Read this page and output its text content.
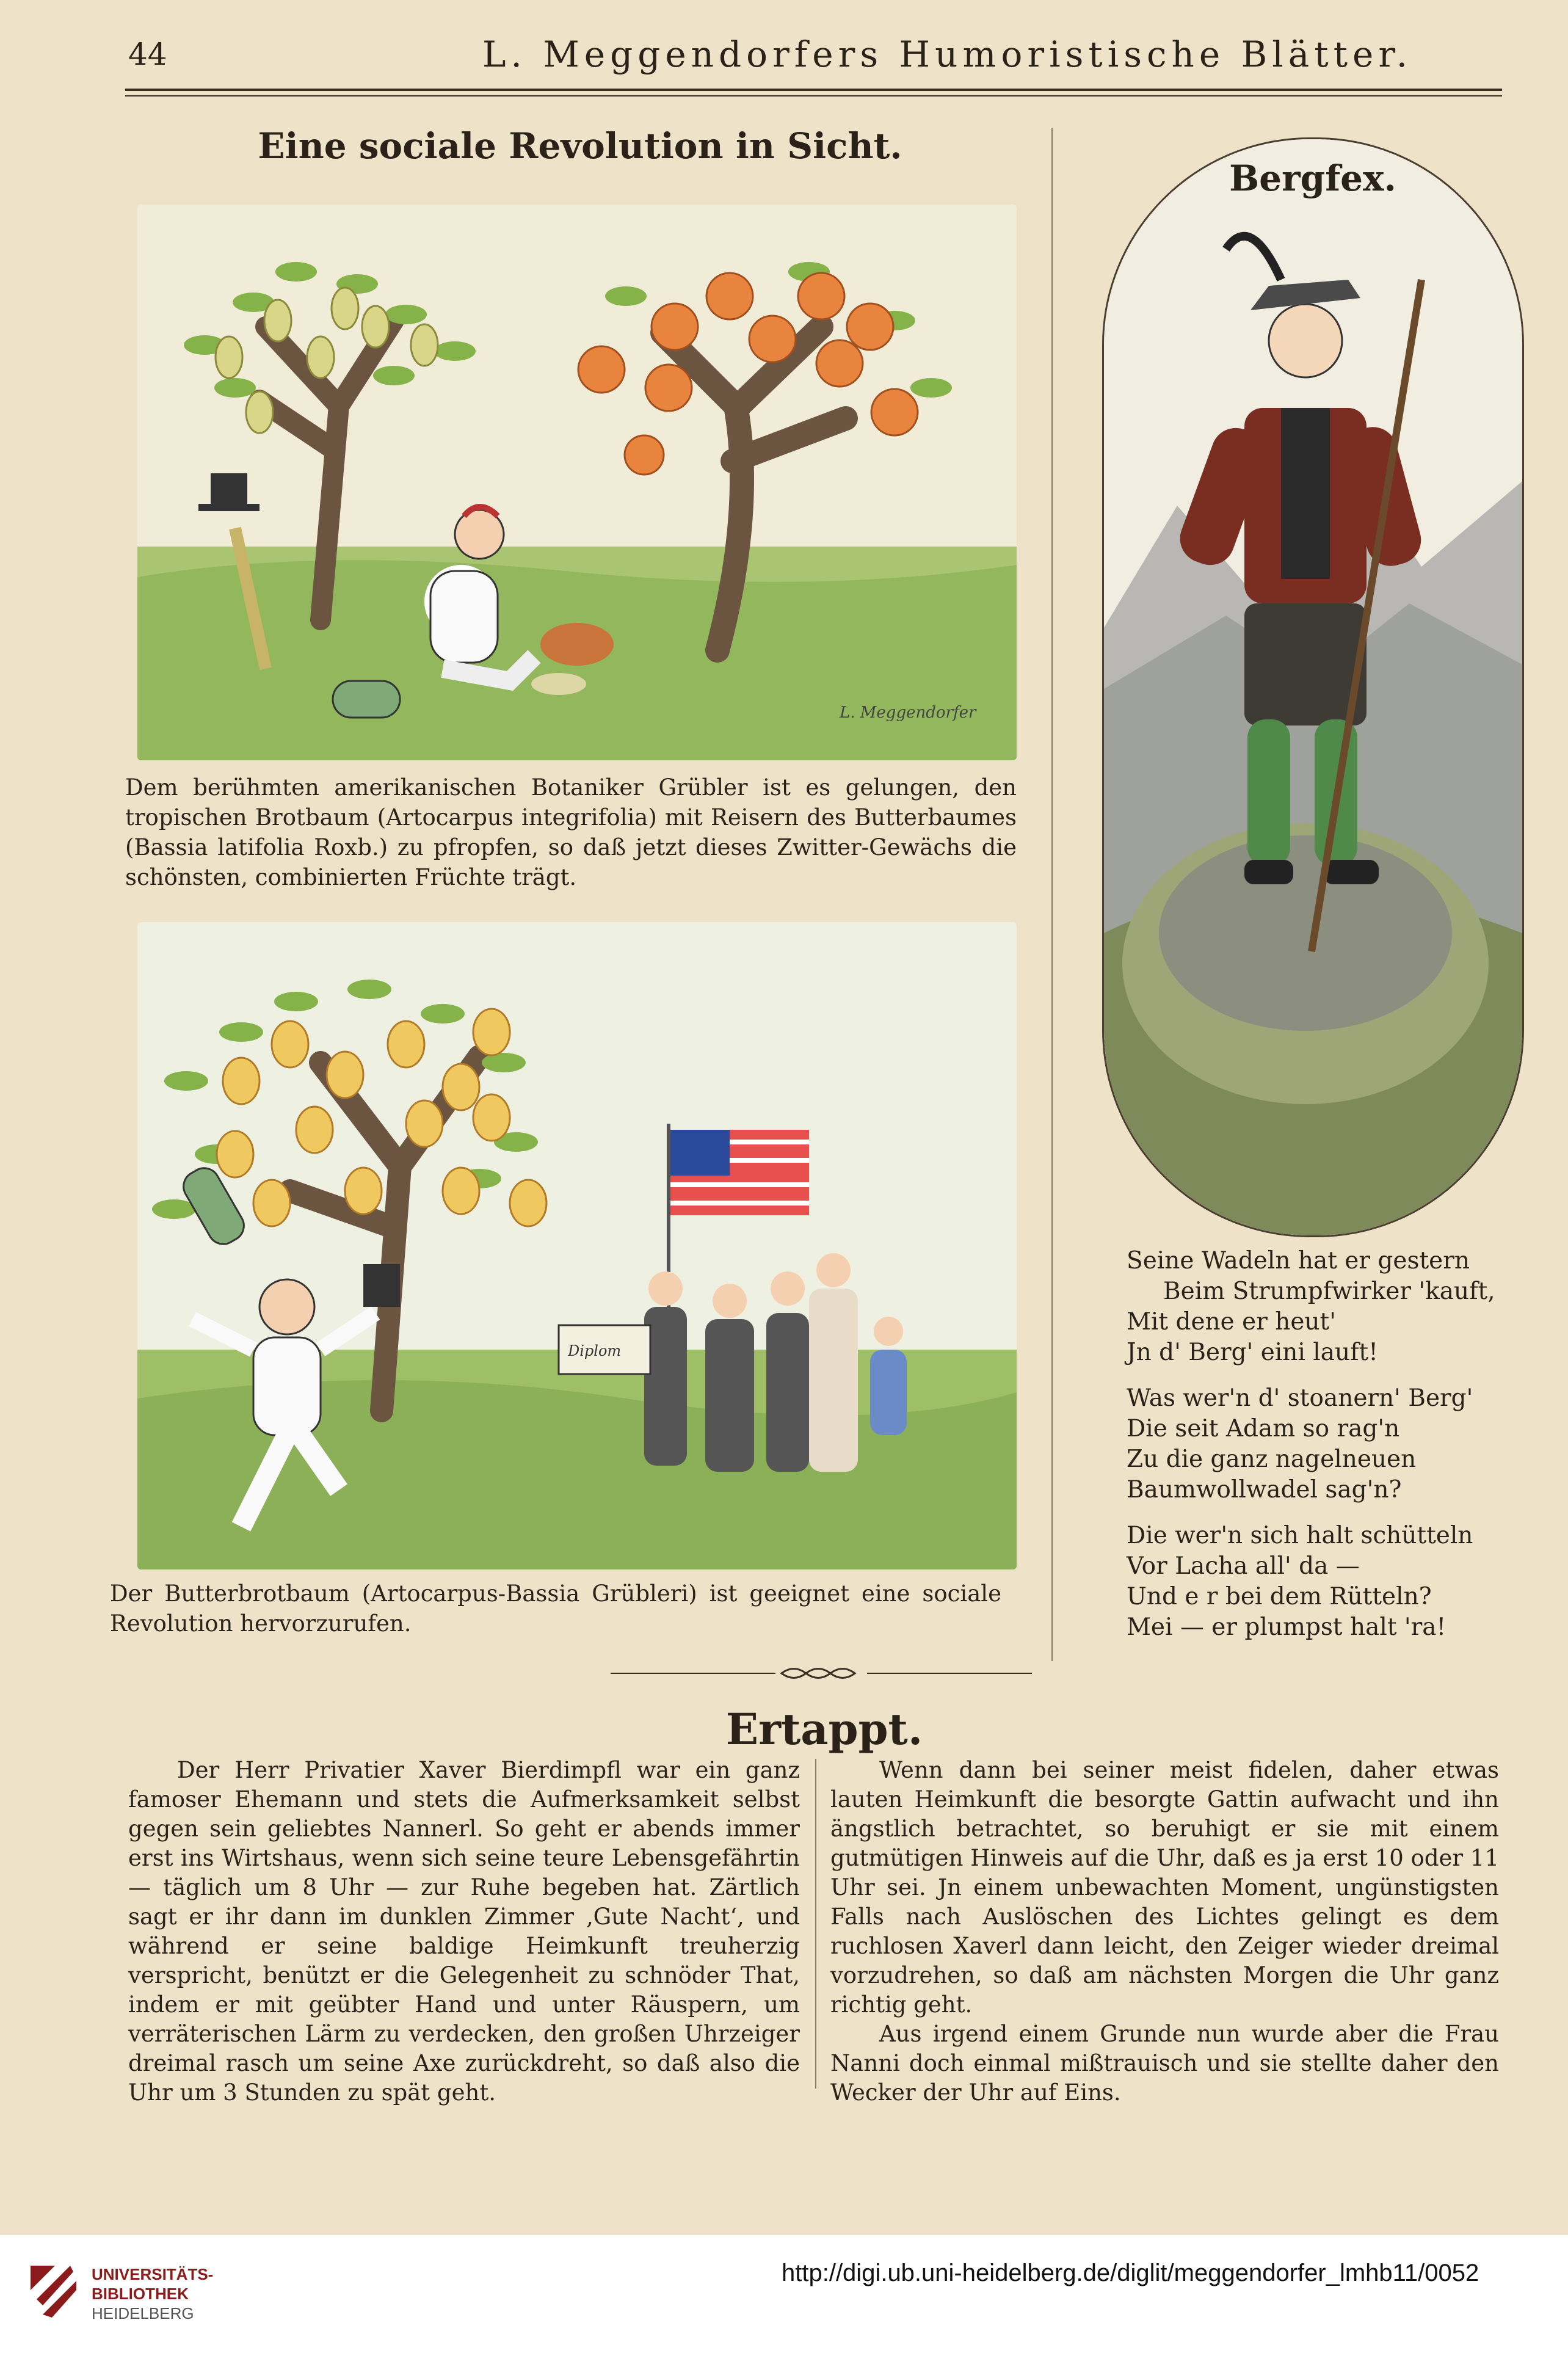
44	L. Meggendorfers Humoristische Blätter.
Eine sociale Revolution in Sicht.
L. Meggendorfer
Dem berühmten amerikanischen Botaniker Grübler ist es gelungen, den tropischen Brotbaum (Artocarpus integrifolia) mit Reisern des Butterbaumes (Bassia latifolia Roxb.) zu pfropfen, so daß jetzt dieses Zwitter-Gewächs die schönsten, combinierten Früchte trägt.
Diplom
Der Butterbrotbaum (Artocarpus-Bassia Grübleri) ist geeignet eine sociale Revolution hervorzurufen.
Bergfex.

Seine Wadeln hat er gestern
Beim Strumpfwirker 'kauft,
Mit dene er heut'
Jn d' Berg' eini lauft!

Was wer'n d' stoanern' Berg'
Die seit Adam so rag'n
Zu die ganz nagelneuen
Baumwollwadel sag'n?

Die wer'n sich halt schütteln
Vor Lacha all' da —
Und e r bei dem Rütteln?
Mei — er plumpst halt 'ra!

Ertappt.

Der Herr Privatier Xaver Bierdimpfl war ein ganz famoser Ehemann und stets die Aufmerksamkeit selbst gegen sein geliebtes Nannerl. So geht er abends immer erst ins Wirtshaus, wenn sich seine teure Lebensgefährtin — täglich um 8 Uhr — zur Ruhe begeben hat. Zärtlich sagt er ihr dann im dunklen Zimmer ‚Gute Nacht‘, und während er seine baldige Heimkunft treuherzig verspricht, benützt er die Gelegenheit zu schnöder That, indem er mit geübter Hand und unter Räuspern, um verräterischen Lärm zu verdecken, den großen Uhrzeiger dreimal rasch um seine Axe zurückdreht, so daß also die Uhr um 3 Stunden zu spät geht.

Wenn dann bei seiner meist fidelen, daher etwas lauten Heimkunft die besorgte Gattin aufwacht und ihn ängstlich betrachtet, so beruhigt er sie mit einem gutmütigen Hinweis auf die Uhr, daß es ja erst 10 oder 11 Uhr sei. Jn einem unbewachten Moment, ungünstigsten Falls nach Auslöschen des Lichtes gelingt es dem ruchlosen Xaverl dann leicht, den Zeiger wieder dreimal vorzudrehen, so daß am nächsten Morgen die Uhr ganz richtig geht.

Aus irgend einem Grunde nun wurde aber die Frau Nanni doch einmal mißtrauisch und sie stellte daher den Wecker der Uhr auf Eins.

UNIVERSITÄTS-
BIBLIOTHEK
HEIDELBERG
http://digi.ub.uni-heidelberg.de/diglit/meggendorfer_lmhb11/0052
